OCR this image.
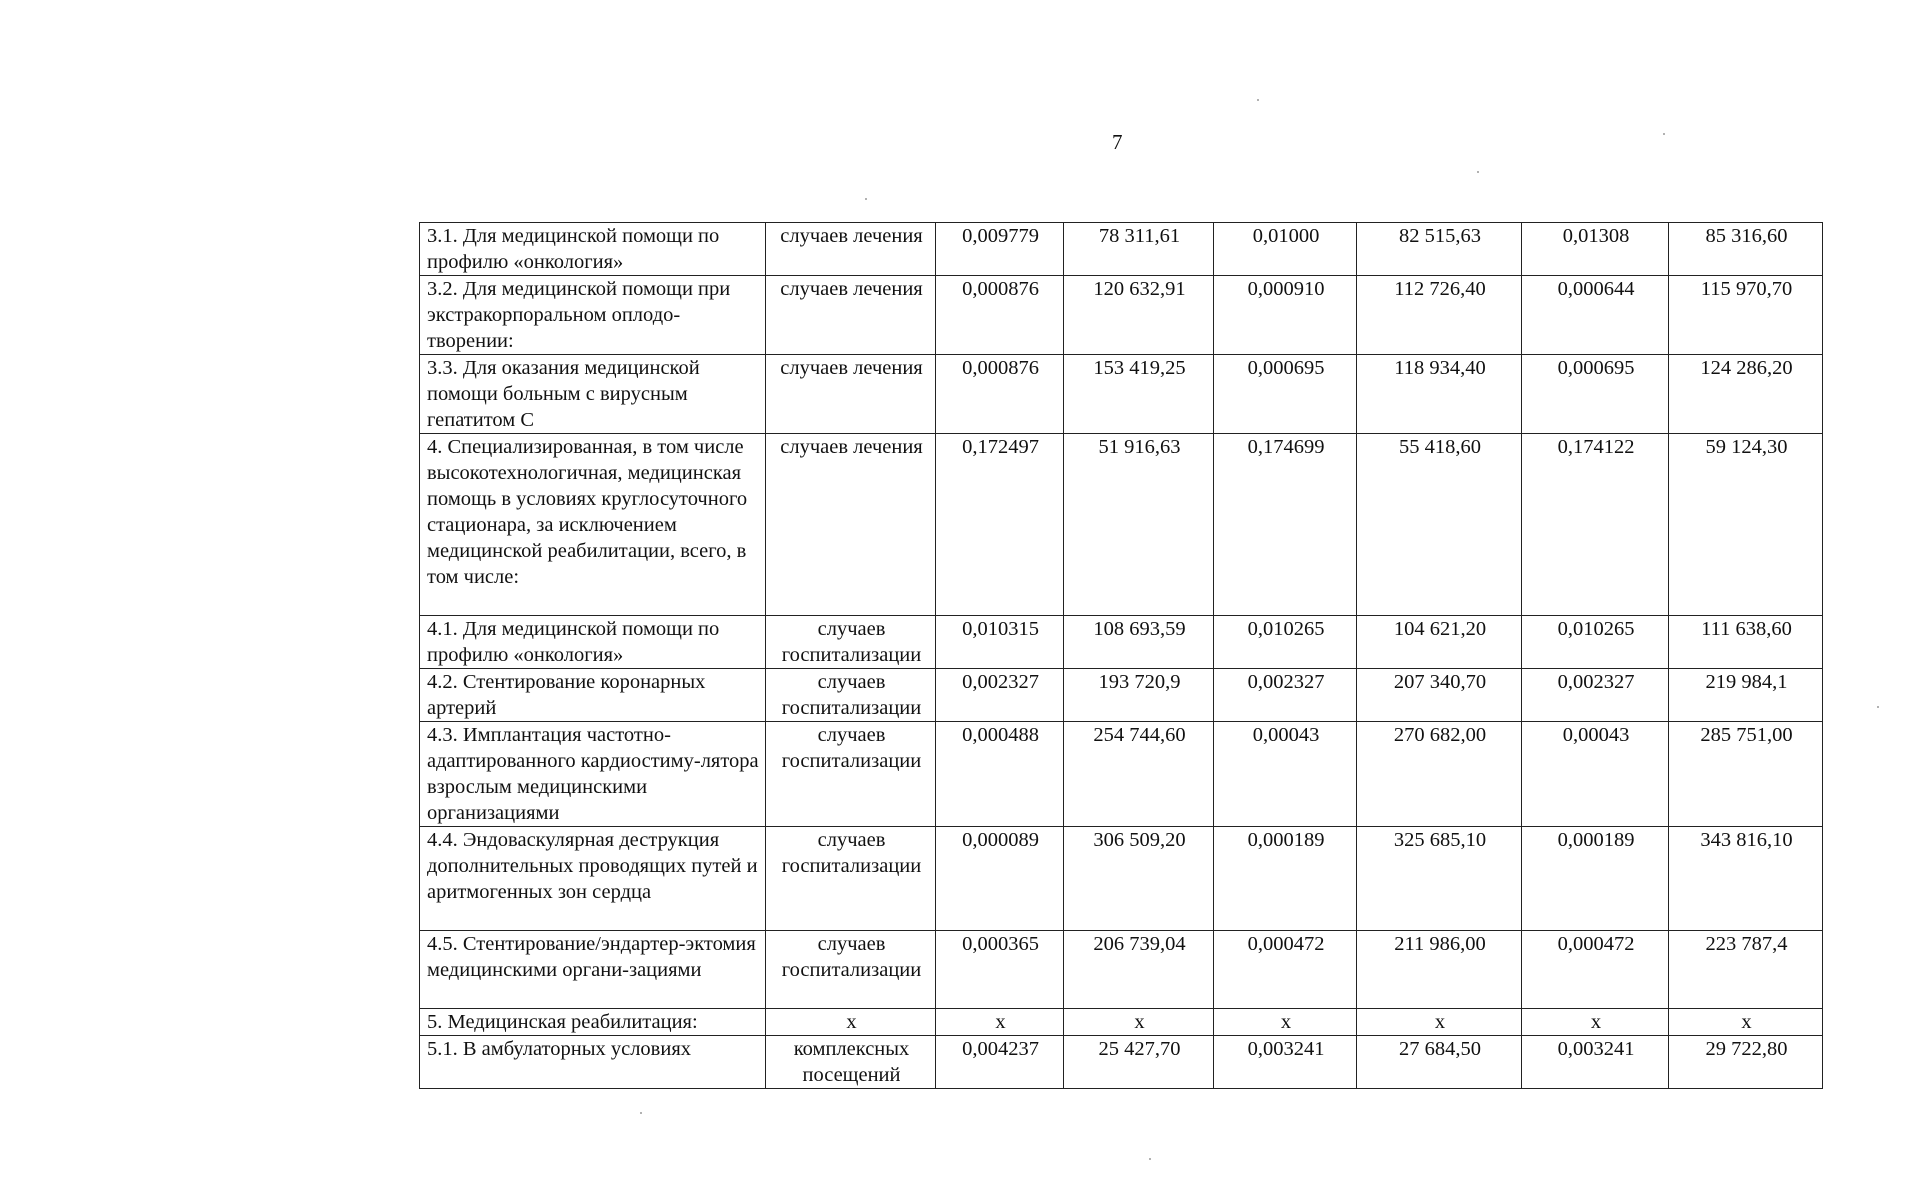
7
3.1. Для медицинской помощи по профилю «онкология»	случаев лечения	0,009779	78 311,61	0,01000	82 515,63	0,01308	85 316,60
3.2. Для медицинской помощи при экстракорпоральном оплодо-творении:	случаев лечения	0,000876	120 632,91	0,000910	112 726,40	0,000644	115 970,70
3.3. Для оказания медицинской помощи больным с вирусным гепатитом С	случаев лечения	0,000876	153 419,25	0,000695	118 934,40	0,000695	124 286,20
4. Специализированная, в том числе высокотехнологичная, медицинская помощь в условиях круглосуточного стационара, за исключением медицинской реабилитации, всего, в том числе:	случаев лечения	0,172497	51 916,63	0,174699	55 418,60	0,174122	59 124,30
4.1. Для медицинской помощи по профилю «онкология»	случаев госпитализации	0,010315	108 693,59	0,010265	104 621,20	0,010265	111 638,60
4.2. Стентирование коронарных артерий	случаев госпитализации	0,002327	193 720,9	0,002327	207 340,70	0,002327	219 984,1
4.3. Имплантация частотно-адаптированного кардиостиму-лятора взрослым медицинскими организациями	случаев госпитализации	0,000488	254 744,60	0,00043	270 682,00	0,00043	285 751,00
4.4. Эндоваскулярная деструкция дополнительных проводящих путей и аритмогенных зон сердца	случаев госпитализации	0,000089	306 509,20	0,000189	325 685,10	0,000189	343 816,10
4.5. Стентирование/эндартер-эктомия медицинскими органи-зациями	случаев госпитализации	0,000365	206 739,04	0,000472	211 986,00	0,000472	223 787,4
5. Медицинская реабилитация:	х	х	х	х	х	х	х
5.1. В амбулаторных условиях	комплексных посещений	0,004237	25 427,70	0,003241	27 684,50	0,003241	29 722,80
